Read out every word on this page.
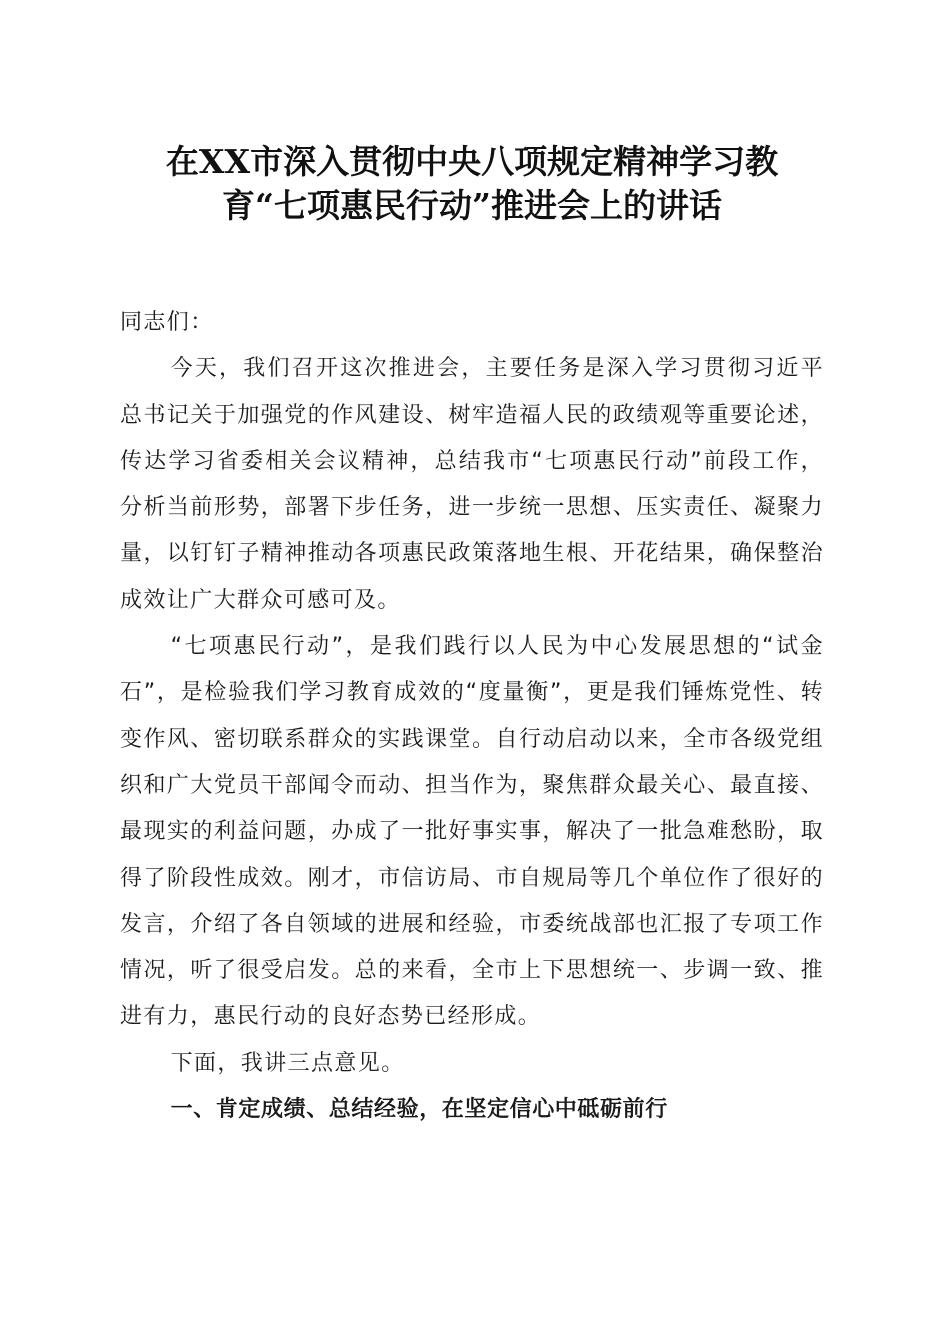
在XX市深入贯彻中央八项规定精神学习教
育“七项惠民行动”推进会上的讲话

同志们：

今天，我们召开这次推进会，主要任务是深入学习贯彻习近平总书记关于加强党的作风建设、树牢造福人民的政绩观等重要论述，传达学习省委相关会议精神，总结我市“七项惠民行动”前段工作，分析当前形势，部署下步任务，进一步统一思想、压实责任、凝聚力量，以钉钉子精神推动各项惠民政策落地生根、开花结果，确保整治成效让广大群众可感可及。

“七项惠民行动”，是我们践行以人民为中心发展思想的“试金石”，是检验我们学习教育成效的“度量衡”，更是我们锤炼党性、转变作风、密切联系群众的实践课堂。自行动启动以来，全市各级党组织和广大党员干部闻令而动、担当作为，聚焦群众最关心、最直接、最现实的利益问题，办成了一批好事实事，解决了一批急难愁盼，取得了阶段性成效。刚才，市信访局、市自规局等几个单位作了很好的发言，介绍了各自领域的进展和经验，市委统战部也汇报了专项工作情况，听了很受启发。总的来看，全市上下思想统一、步调一致、推进有力，惠民行动的良好态势已经形成。

下面，我讲三点意见。

一、肯定成绩、总结经验，在坚定信心中砥砺前行
